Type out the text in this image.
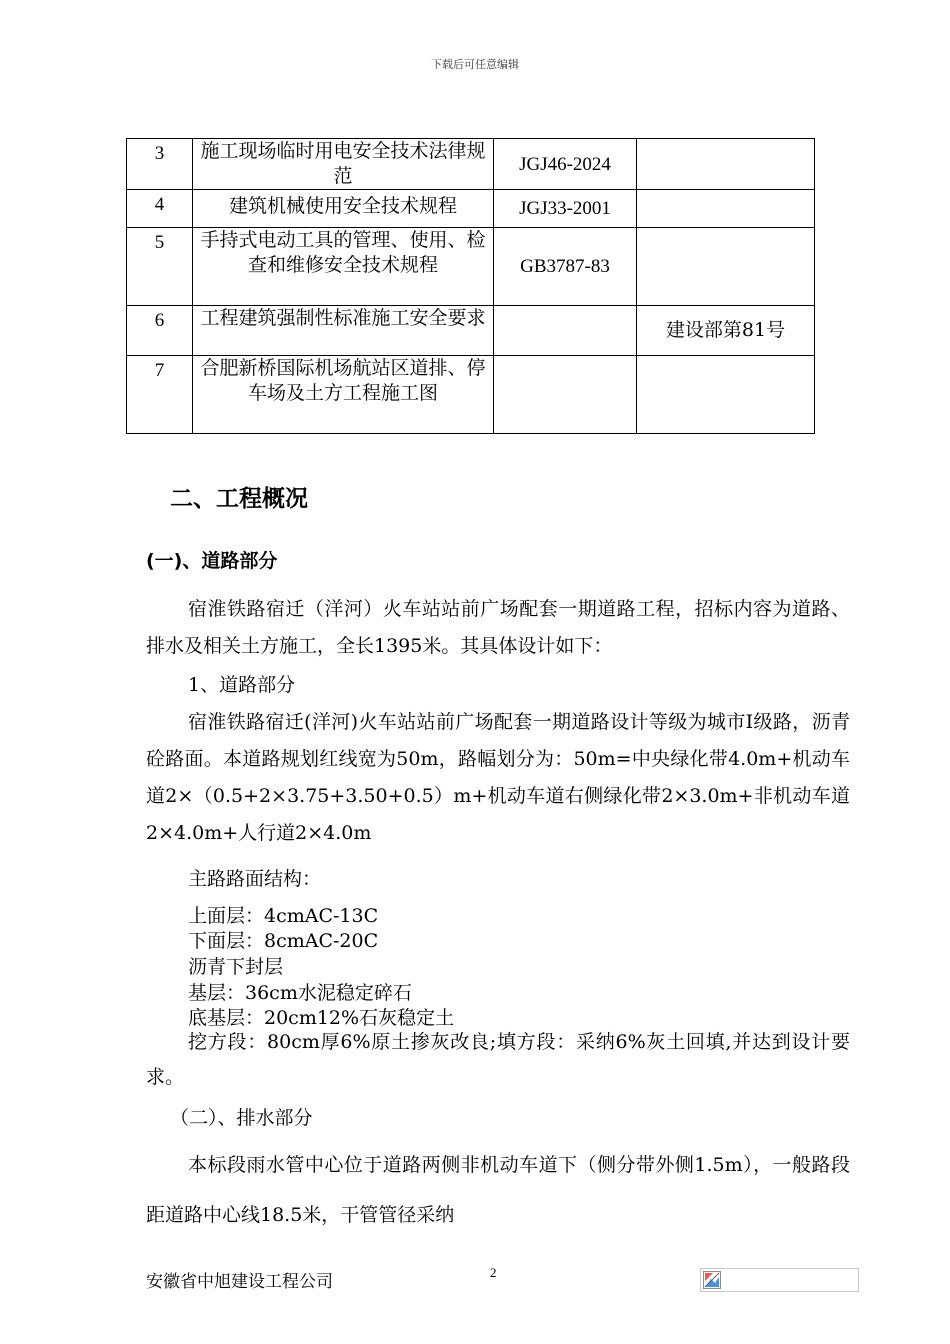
下载后可任意编辑
3	施工现场临时用电安全技术法律规范	JGJ46-2024	
4	建筑机械使用安全技术规程	JGJ33-2001	
5	手持式电动工具的管理、使用、检查和维修安全技术规程	GB3787-83	
6	工程建筑强制性标准施工安全要求		建设部第81号
7	合肥新桥国际机场航站区道排、停车场及土方工程施工图		
二、工程概况
(一)、道路部分

宿淮铁路宿迁（洋河）火车站站前广场配套一期道路工程，招标内容为道路、排水及相关土方施工，全长1395米。其具体设计如下：

1、道路部分

宿淮铁路宿迁(洋河)火车站站前广场配套一期道路设计等级为城市Ⅰ级路，沥青砼路面。本道路规划红线宽为50m，路幅划分为：50m=中央绿化带4.0m+机动车道2×（0.5+2×3.75+3.50+0.5）m+机动车道右侧绿化带2×3.0m+非机动车道2×4.0m+人行道2×4.0m

主路路面结构：
上面层：4cmAC-13C
下面层：8cmAC-20C
沥青下封层
基层：36cm水泥稳定碎石
底基层：20cm12%石灰稳定土

挖方段：80cm厚6%原土掺灰改良;填方段：采纳6%灰土回填,并达到设计要求。

（二）、排水部分

本标段雨水管中心位于道路两侧非机动车道下（侧分带外侧1.5m），一般路段距道路中心线18.5米，干管管径采纳

安徽省中旭建设工程公司	2
